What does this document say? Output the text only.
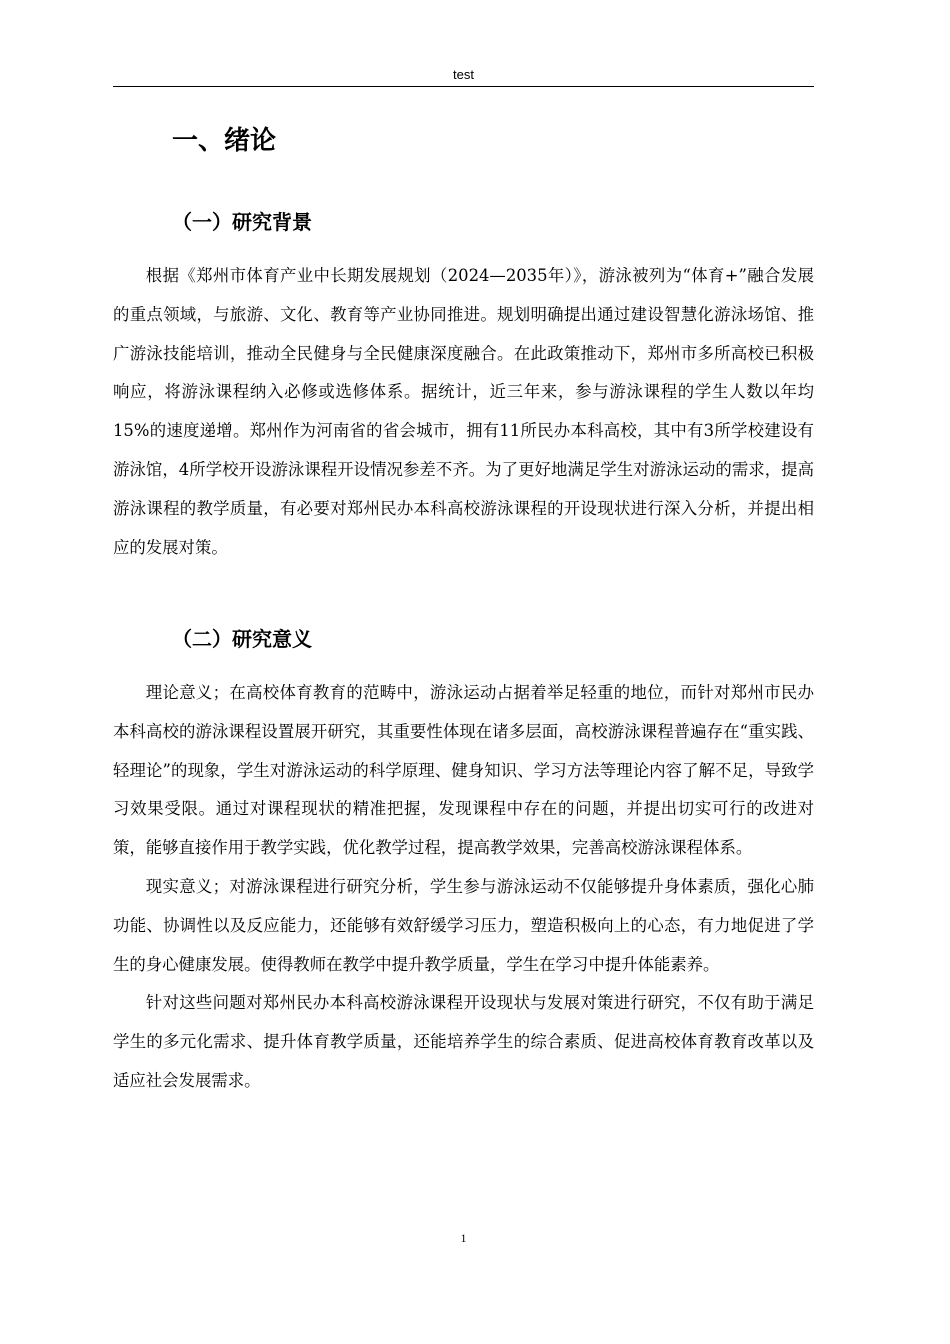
test
一、绪论
（一）研究背景

根据《郑州市体育产业中长期发展规划（2024—2035年）》，游泳被列为“体育+”融合发展的重点领域，与旅游、文化、教育等产业协同推进。规划明确提出通过建设智慧化游泳场馆、推广游泳技能培训，推动全民健身与全民健康深度融合。在此政策推动下，郑州市多所高校已积极响应，将游泳课程纳入必修或选修体系。据统计，近三年来，参与游泳课程的学生人数以年均15%的速度递增。郑州作为河南省的省会城市，拥有11所民办本科高校，其中有3所学校建设有游泳馆，4所学校开设游泳课程开设情况参差不齐。为了更好地满足学生对游泳运动的需求，提高游泳课程的教学质量，有必要对郑州民办本科高校游泳课程的开设现状进行深入分析，并提出相应的发展对策。

（二）研究意义

理论意义；在高校体育教育的范畴中，游泳运动占据着举足轻重的地位，而针对郑州市民办本科高校的游泳课程设置展开研究，其重要性体现在诸多层面，高校游泳课程普遍存在“重实践、轻理论”的现象，学生对游泳运动的科学原理、健身知识、学习方法等理论内容了解不足，导致学习效果受限。通过对课程现状的精准把握，发现课程中存在的问题，并提出切实可行的改进对策，能够直接作用于教学实践，优化教学过程，提高教学效果，完善高校游泳课程体系。

现实意义；对游泳课程进行研究分析，学生参与游泳运动不仅能够提升身体素质，强化心肺功能、协调性以及反应能力，还能够有效舒缓学习压力，塑造积极向上的心态，有力地促进了学生的身心健康发展。使得教师在教学中提升教学质量，学生在学习中提升体能素养。

针对这些问题对郑州民办本科高校游泳课程开设现状与发展对策进行研究，不仅有助于满足学生的多元化需求、提升体育教学质量，还能培养学生的综合素质、促进高校体育教育改革以及适应社会发展需求。

1
